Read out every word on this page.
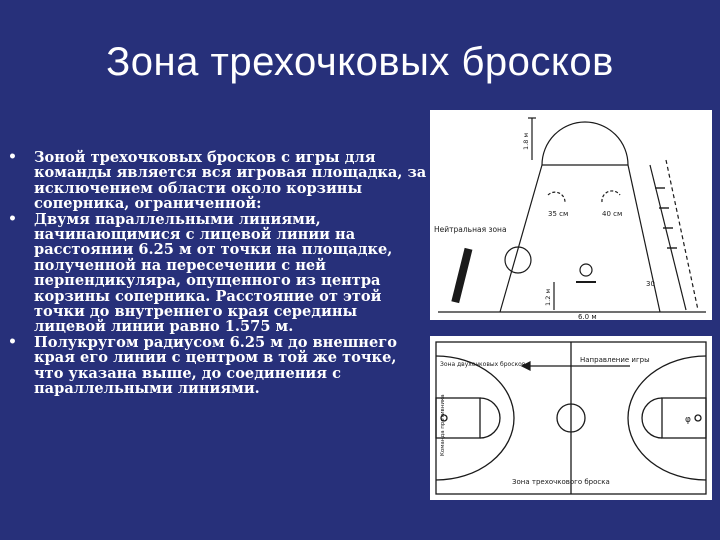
Зона трехочковых бросков
•	Зоной трехочковых бросков с игры для команды является вся игровая площадка, за исключением области около корзины соперника, ограниченной:
•	Двумя параллельными линиями, начинающимися с лицевой линии на расстоянии 6.25 м от точки на площадке, полученной на пересечении с ней перпендикуляра, опущенного из центра корзины соперника. Расстояние от этой точки до внутреннего края середины лицевой линии равно 1.575 м.
•	Полукругом радиусом 6.25 м до внешнего края его линии с центром в той же точке, что указана выше, до соединения с параллельными линиями.
Нейтральная зона
35 см	40 см
6.0 м
1.8 м
1.2 м
30
Зона двухочковых бросков
Направление игры
Зона трехочкового броска
Команда противника	φ
